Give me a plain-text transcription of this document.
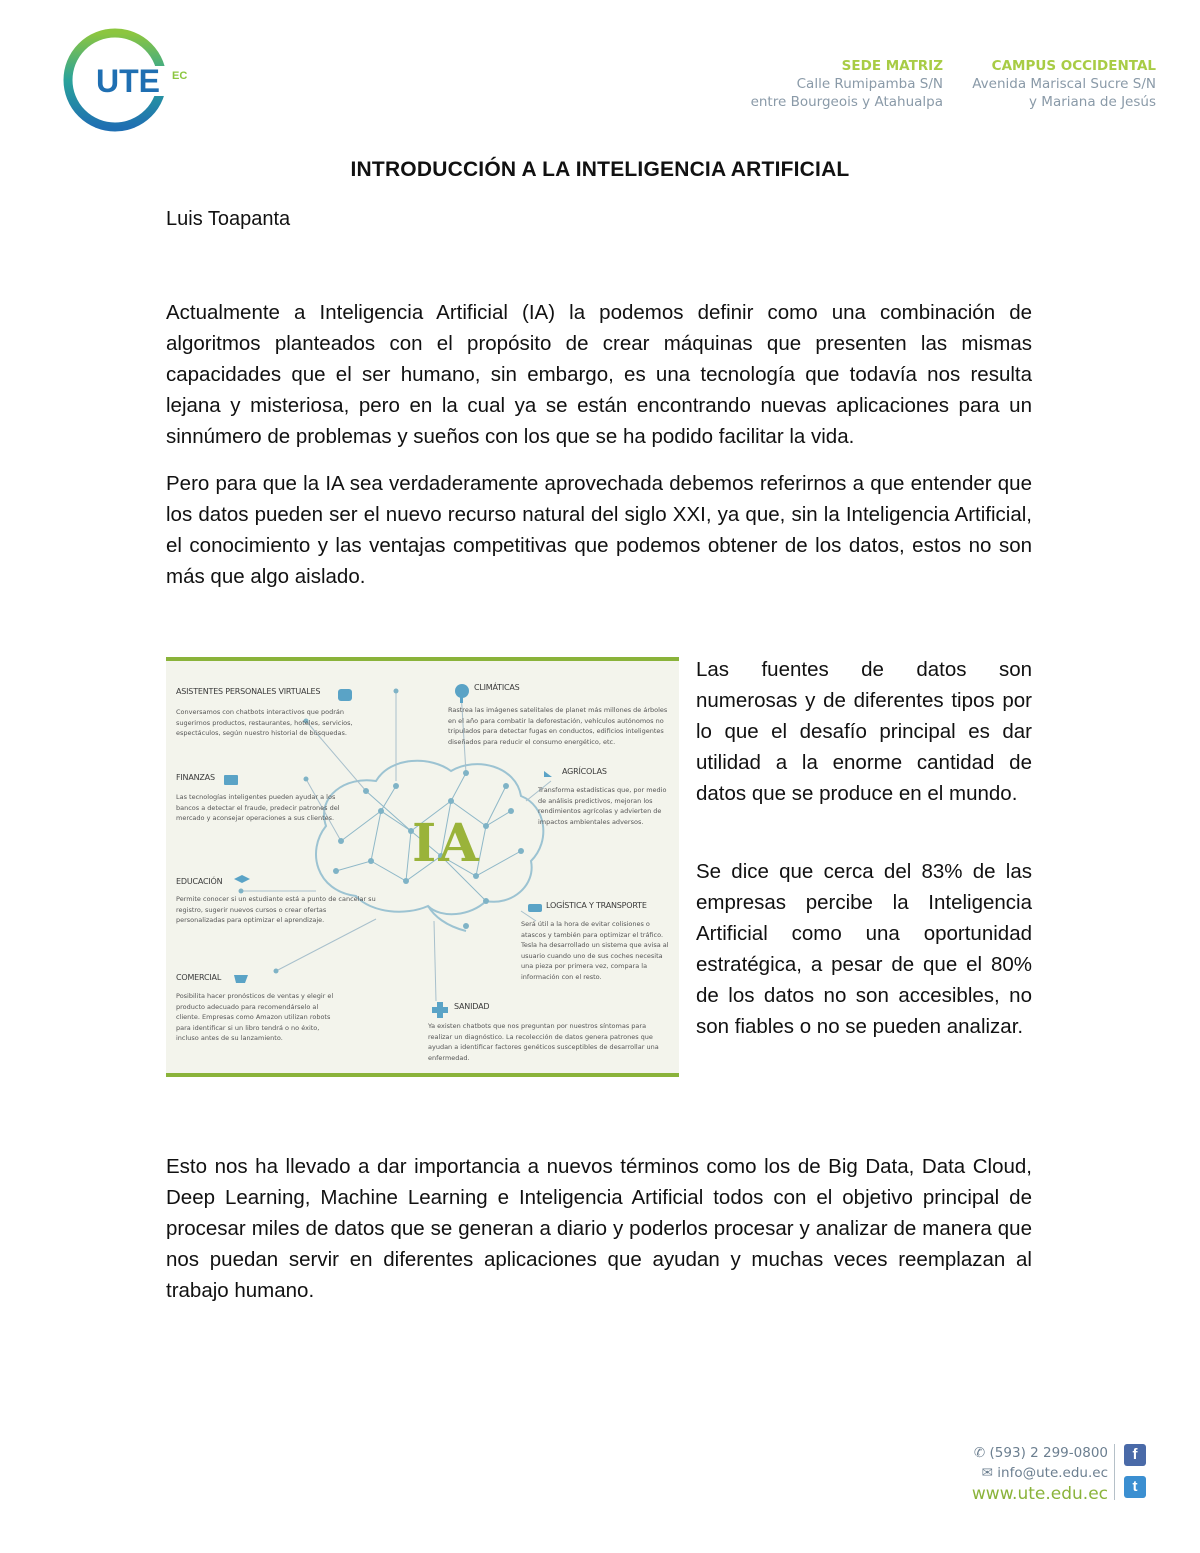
UTE EC
SEDE MATRIZ
Calle Rumipamba S/N
entre Bourgeois y Atahualpa
CAMPUS OCCIDENTAL
Avenida Mariscal Sucre S/N
y Mariana de Jesús
INTRODUCCIÓN A LA INTELIGENCIA ARTIFICIAL
Luis Toapanta

Actualmente a Inteligencia Artificial (IA) la podemos definir como una combinación de algoritmos planteados con el propósito de crear máquinas que presenten las mismas capacidades que el ser humano, sin embargo, es una tecnología que todavía nos resulta lejana y misteriosa, pero en la cual ya se están encontrando nuevas aplicaciones para un sinnúmero de problemas y sueños con los que se ha podido facilitar la vida.

Pero para que la IA sea verdaderamente aprovechada debemos referirnos a que entender que los datos pueden ser el nuevo recurso natural del siglo XXI, ya que, sin la Inteligencia Artificial, el conocimiento y las ventajas competitivas que podemos obtener de los datos, estos no son más que algo aislado.

IA
ASISTENTES PERSONALES VIRTUALES
Conversamos con chatbots interactivos que podrán sugerirnos productos, restaurantes, hoteles, servicios, espectáculos, según nuestro historial de búsquedas.
FINANZAS
Las tecnologías inteligentes pueden ayudar a los bancos a detectar el fraude, predecir patrones del mercado y aconsejar operaciones a sus clientes.
EDUCACIÓN
Permite conocer si un estudiante está a punto de cancelar su registro, sugerir nuevos cursos o crear ofertas personalizadas para optimizar el aprendizaje.
COMERCIAL
Posibilita hacer pronósticos de ventas y elegir el producto adecuado para recomendárselo al cliente. Empresas como Amazon utilizan robots para identificar si un libro tendrá o no éxito, incluso antes de su lanzamiento.
CLIMÁTICAS
Rastrea las imágenes satelitales de planet más millones de árboles en el año para combatir la deforestación, vehículos autónomos no tripulados para detectar fugas en conductos, edificios inteligentes diseñados para reducir el consumo energético, etc.
AGRÍCOLAS
Transforma estadísticas que, por medio de análisis predictivos, mejoran los rendimientos agrícolas y advierten de impactos ambientales adversos.
LOGÍSTICA Y TRANSPORTE
Será útil a la hora de evitar colisiones o atascos y también para optimizar el tráfico. Tesla ha desarrollado un sistema que avisa al usuario cuando uno de sus coches necesita una pieza por primera vez, compara la información con el resto.
SANIDAD
Ya existen chatbots que nos preguntan por nuestros síntomas para realizar un diagnóstico. La recolección de datos genera patrones que ayudan a identificar factores genéticos susceptibles de desarrollar una enfermedad.

Las fuentes de datos son numerosas y de diferentes tipos por lo que el desafío principal es dar utilidad a la enorme cantidad de datos que se produce en el mundo.

Se dice que cerca del 83% de las empresas percibe la Inteligencia Artificial como una oportunidad estratégica, a pesar de que el 80% de los datos no son accesibles, no son fiables o no se pueden analizar.

Esto nos ha llevado a dar importancia a nuevos términos como los de Big Data, Data Cloud, Deep Learning, Machine Learning e Inteligencia Artificial todos con el objetivo principal de procesar miles de datos que se generan a diario y poderlos procesar y analizar de manera que nos puedan servir en diferentes aplicaciones que ayudan y muchas veces reemplazan al trabajo humano.

✆ (593) 2 299-0800
✉ info@ute.edu.ec
www.ute.edu.ec
f
t
